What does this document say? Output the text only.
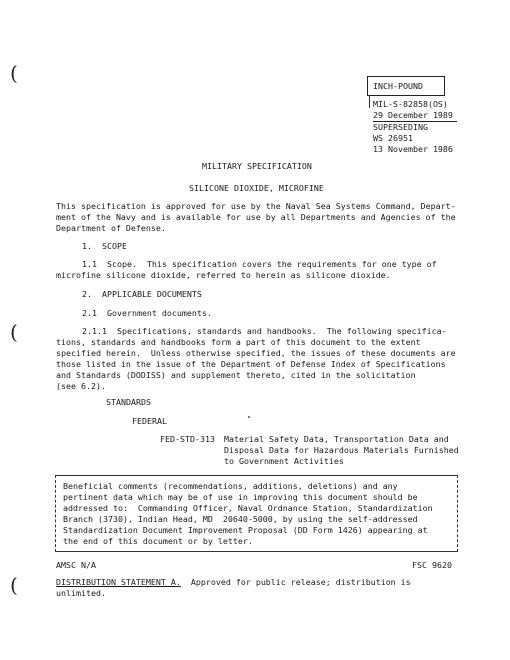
(
(
(
INCH-POUND
MIL-S-82858(OS)
29 December 1989
SUPERSEDING
WS 26951
13 November 1986
MILITARY SPECIFICATION
SILICONE DIOXIDE, MICROFINE
This specification is approved for use by the Naval Sea Systems Command, Depart-
ment of the Navy and is available for use by all Departments and Agencies of the
Department of Defense.
1.  SCOPE
1.1  Scope.  This specification covers the requirements for one type of
microfine silicone dioxide, referred to herein as silicone dioxide.
2.  APPLICABLE DOCUMENTS
2.1  Government documents.
2.1.1  Specifications, standards and handbooks.  The following specifica-
tions, standards and handbooks form a part of this document to the extent
specified herein.  Unless otherwise specified, the issues of these documents are
those listed in the issue of the Department of Defense Index of Specifications
and Standards (DODISS) and supplement thereto, cited in the solicitation
(see 6.2).
STANDARDS
FEDERAL
FED-STD-313 Material Safety Data, Transportation Data and
Disposal Data for Hazardous Materials Furnished
to Government Activities
Beneficial comments (recommendations, additions, deletions) and any
pertinent data which may be of use in improving this document should be
addressed to:  Commanding Officer, Naval Ordnance Station, Standardization
Branch (3730), Indian Head, MD  20640-5000, by using the self-addressed
Standardization Document Improvement Proposal (DD Form 1426) appearing at
the end of this document or by letter.
AMSC N/A	FSC 9620
DISTRIBUTION STATEMENT A.  Approved for public release; distribution is
unlimited.
